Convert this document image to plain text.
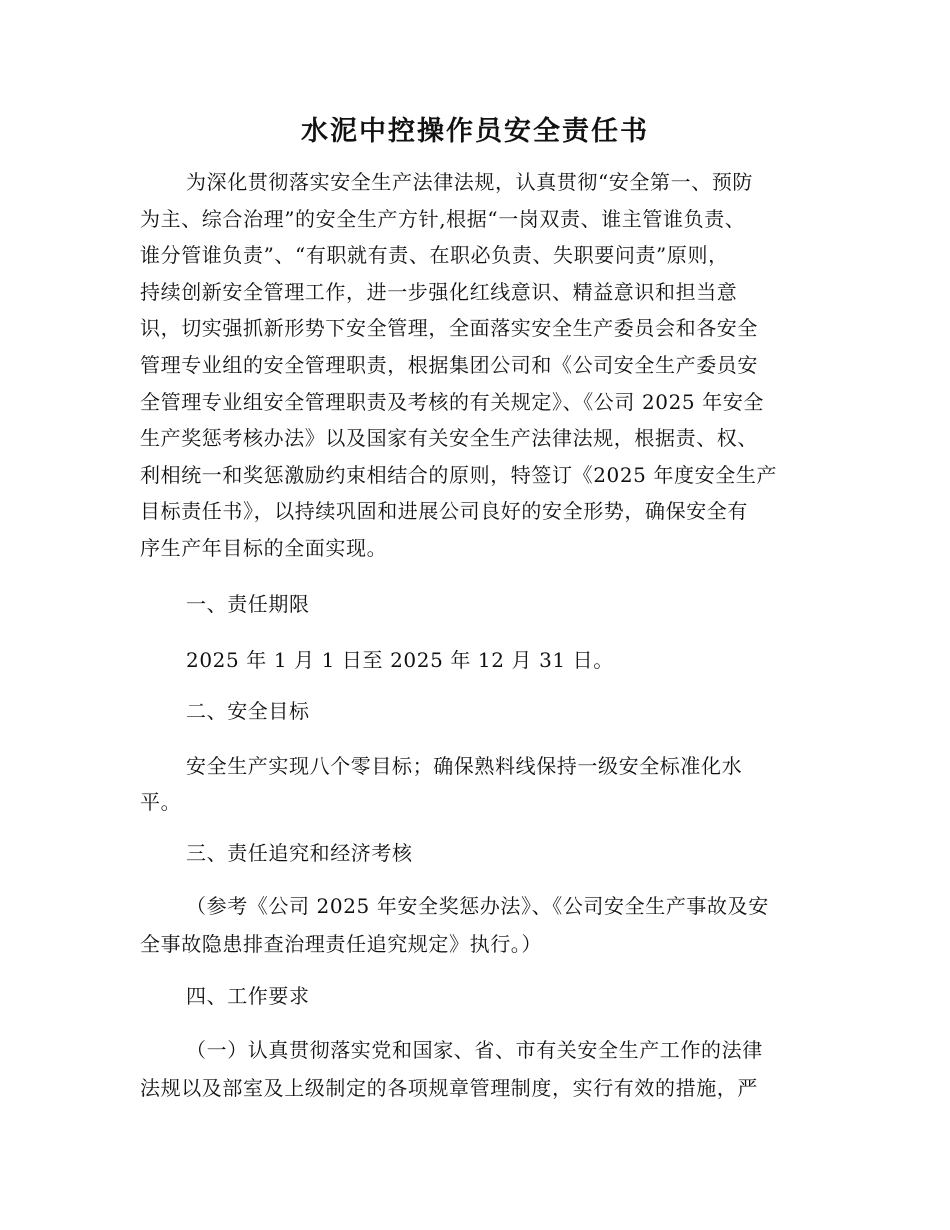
水泥中控操作员安全责任书
为深化贯彻落实安全生产法律法规，认真贯彻“安全第一、预防
为主、综合治理”的安全生产方针,根据“一岗双责、谁主管谁负责、
谁分管谁负责”、“有职就有责、在职必负责、失职要问责”原则，
持续创新安全管理工作，进一步强化红线意识、精益意识和担当意
识，切实强抓新形势下安全管理，全面落实安全生产委员会和各安全
管理专业组的安全管理职责，根据集团公司和《公司安全生产委员安
全管理专业组安全管理职责及考核的有关规定》、《公司 2025 年安全
生产奖惩考核办法》以及国家有关安全生产法律法规，根据责、权、
利相统一和奖惩激励约束相结合的原则，特签订《2025 年度安全生产
目标责任书》，以持续巩固和进展公司良好的安全形势，确保安全有
序生产年目标的全面实现。
一、责任期限
2025 年 1 月 1 日至 2025 年 12 月 31 日。
二、安全目标
安全生产实现八个零目标；确保熟料线保持一级安全标准化水
平。
三、责任追究和经济考核
（参考《公司 2025 年安全奖惩办法》、《公司安全生产事故及安
全事故隐患排查治理责任追究规定》执行。）
四、工作要求
（一）认真贯彻落实党和国家、省、市有关安全生产工作的法律
法规以及部室及上级制定的各项规章管理制度，实行有效的措施，严
